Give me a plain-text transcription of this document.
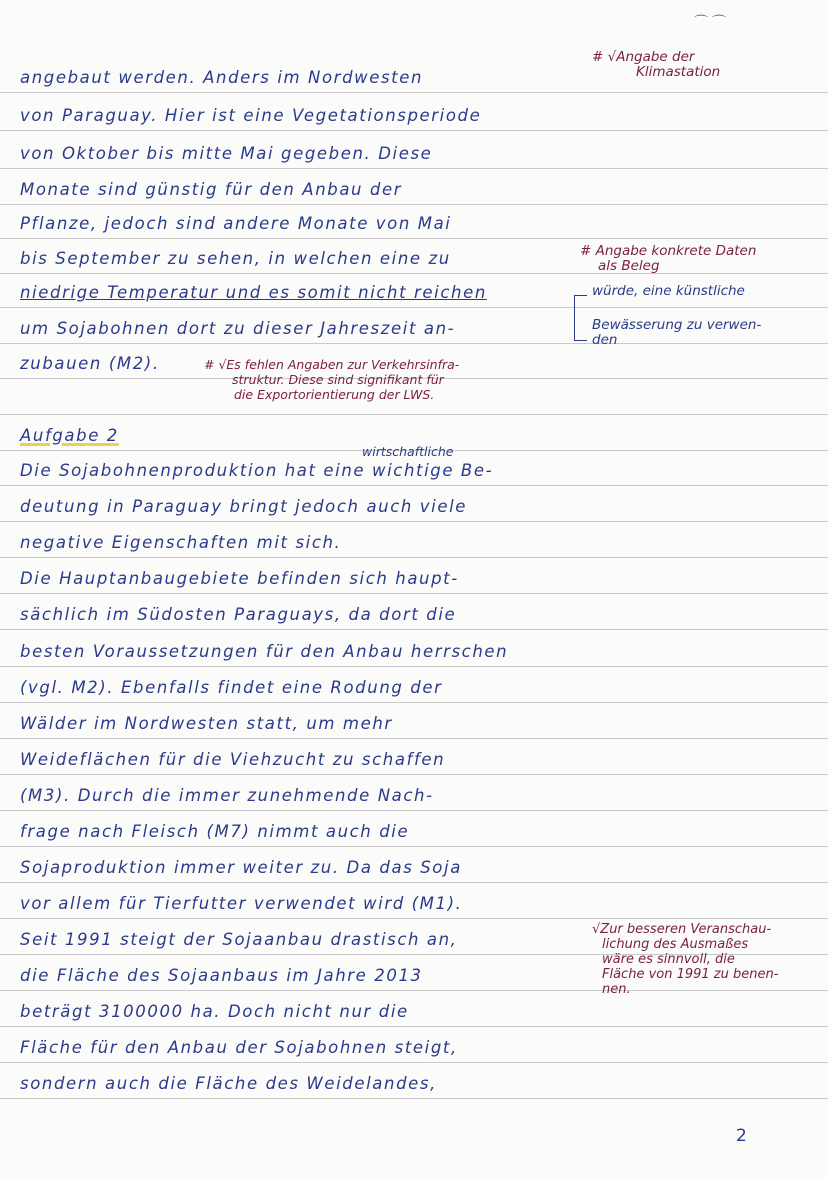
⌒⌒
angebaut werden. Anders im Nordwesten
von Paraguay. Hier ist eine Vegetationsperiode
von Oktober bis mitte Mai gegeben. Diese
Monate sind günstig für den Anbau der
Pflanze, jedoch sind andere Monate von Mai
bis September zu sehen, in welchen eine zu
niedrige Temperatur und es somit nicht reichen
um Sojabohnen dort zu dieser Jahreszeit an-
zubauen (M2).
Aufgabe 2
Die Sojabohnenproduktion hat eine wichtige Be-
deutung in Paraguay bringt jedoch auch viele
negative Eigenschaften mit sich.
Die Hauptanbaugebiete befinden sich haupt-
sächlich im Südosten Paraguays, da dort die
besten Voraussetzungen für den Anbau herrschen
(vgl. M2). Ebenfalls findet eine Rodung der
Wälder im Nordwesten statt, um mehr
Weideflächen für die Viehzucht zu schaffen
(M3). Durch die immer zunehmende Nach-
frage nach Fleisch (M7) nimmt auch die
Sojaproduktion immer weiter zu. Da das Soja
vor allem für Tierfutter verwendet wird (M1).
Seit 1991 steigt der Sojaanbau drastisch an,
die Fläche des Sojaanbaus im Jahre 2013
beträgt 3100000 ha. Doch nicht nur die
Fläche für den Anbau der Sojabohnen steigt,
sondern auch die Fläche des Weidelandes,
# √Angabe der
Klimastation
# Angabe konkrete Daten
als Beleg
würde, eine künstliche
Bewässerung zu verwen-
den
# √Es fehlen Angaben zur Verkehrsinfra-
struktur. Diese sind signifikant für
die Exportorientierung der LWS.
wirtschaftliche
√Zur besseren Veranschau-
lichung des Ausmaßes
wäre es sinnvoll, die
Fläche von 1991 zu benen-
nen.
2
